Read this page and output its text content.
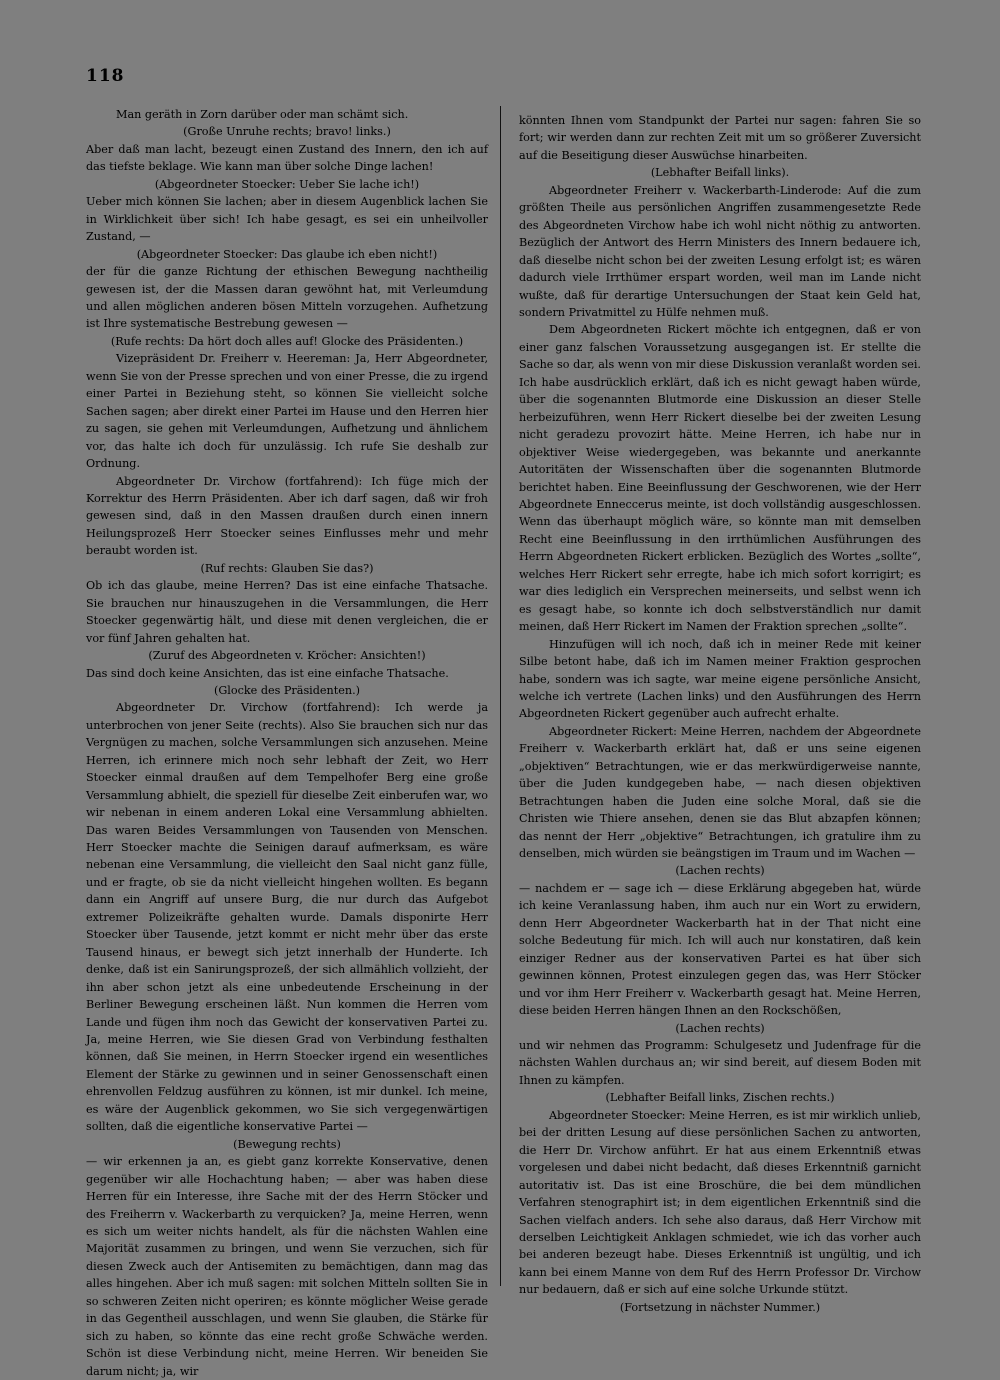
118

Man geräth in Zorn darüber oder man schämt sich.

(Große Unruhe rechts; bravo! links.)

Aber daß man lacht, bezeugt einen Zustand des Innern, den ich auf das tiefste beklage. Wie kann man über solche Dinge lachen!

(Abgeordneter Stoecker: Ueber Sie lache ich!)

Ueber mich können Sie lachen; aber in diesem Augenblick lachen Sie in Wirklichkeit über sich! Ich habe gesagt, es sei ein unheilvoller Zustand, —

(Abgeordneter Stoecker: Das glaube ich eben nicht!)

der für die ganze Richtung der ethischen Bewegung nachtheilig gewesen ist, der die Massen daran gewöhnt hat, mit Verleumdung und allen möglichen anderen bösen Mitteln vorzugehen. Aufhetzung ist Ihre systematische Bestrebung gewesen —

(Rufe rechts: Da hört doch alles auf! Glocke des Präsidenten.)

Vizepräsident Dr. Freiherr v. Heereman: Ja, Herr Abgeordneter, wenn Sie von der Presse sprechen und von einer Presse, die zu irgend einer Partei in Beziehung steht, so können Sie vielleicht solche Sachen sagen; aber direkt einer Partei im Hause und den Herren hier zu sagen, sie gehen mit Verleumdungen, Aufhetzung und ähnlichem vor, das halte ich doch für unzulässig. Ich rufe Sie deshalb zur Ordnung.

Abgeordneter Dr. Virchow (fortfahrend): Ich füge mich der Korrektur des Herrn Präsidenten. Aber ich darf sagen, daß wir froh gewesen sind, daß in den Massen draußen durch einen innern Heilungsprozeß Herr Stoecker seines Einflusses mehr und mehr beraubt worden ist.

(Ruf rechts: Glauben Sie das?)

Ob ich das glaube, meine Herren? Das ist eine einfache Thatsache. Sie brauchen nur hinauszugehen in die Versammlungen, die Herr Stoecker gegenwärtig hält, und diese mit denen vergleichen, die er vor fünf Jahren gehalten hat.

(Zuruf des Abgeordneten v. Kröcher: Ansichten!)

Das sind doch keine Ansichten, das ist eine einfache Thatsache.

(Glocke des Präsidenten.)

Abgeordneter Dr. Virchow (fortfahrend): Ich werde ja unterbrochen von jener Seite (rechts). Also Sie brauchen sich nur das Vergnügen zu machen, solche Versammlungen sich anzusehen. Meine Herren, ich erinnere mich noch sehr lebhaft der Zeit, wo Herr Stoecker einmal draußen auf dem Tempelhofer Berg eine große Versammlung abhielt, die speziell für dieselbe Zeit einberufen war, wo wir nebenan in einem anderen Lokal eine Versammlung abhielten. Das waren Beides Versammlungen von Tausenden von Menschen. Herr Stoecker machte die Seinigen darauf aufmerksam, es wäre nebenan eine Versammlung, die vielleicht den Saal nicht ganz fülle, und er fragte, ob sie da nicht vielleicht hingehen wollten. Es begann dann ein Angriff auf unsere Burg, die nur durch das Aufgebot extremer Polizeikräfte gehalten wurde. Damals disponirte Herr Stoecker über Tausende, jetzt kommt er nicht mehr über das erste Tausend hinaus, er bewegt sich jetzt innerhalb der Hunderte. Ich denke, daß ist ein Sanirungsprozeß, der sich allmählich vollzieht, der ihn aber schon jetzt als eine unbedeutende Erscheinung in der Berliner Bewegung erscheinen läßt. Nun kommen die Herren vom Lande und fügen ihm noch das Gewicht der konservativen Partei zu. Ja, meine Herren, wie Sie diesen Grad von Verbindung festhalten können, daß Sie meinen, in Herrn Stoecker irgend ein wesentliches Element der Stärke zu gewinnen und in seiner Genossenschaft einen ehrenvollen Feldzug ausführen zu können, ist mir dunkel. Ich meine, es wäre der Augenblick gekommen, wo Sie sich vergegenwärtigen sollten, daß die eigentliche konservative Partei —

(Bewegung rechts)

— wir erkennen ja an, es giebt ganz korrekte Konservative, denen gegenüber wir alle Hochachtung haben; — aber was haben diese Herren für ein Interesse, ihre Sache mit der des Herrn Stöcker und des Freiherrn v. Wackerbarth zu verquicken? Ja, meine Herren, wenn es sich um weiter nichts handelt, als für die nächsten Wahlen eine Majorität zusammen zu bringen, und wenn Sie verzuchen, sich für diesen Zweck auch der Antisemiten zu bemächtigen, dann mag das alles hingehen. Aber ich muß sagen: mit solchen Mitteln sollten Sie in so schweren Zeiten nicht operiren; es könnte möglicher Weise gerade in das Gegentheil ausschlagen, und wenn Sie glauben, die Stärke für sich zu haben, so könnte das eine recht große Schwäche werden. Schön ist diese Verbindung nicht, meine Herren. Wir beneiden Sie darum nicht; ja, wir

könnten Ihnen vom Standpunkt der Partei nur sagen: fahren Sie so fort; wir werden dann zur rechten Zeit mit um so größerer Zuversicht auf die Beseitigung dieser Auswüchse hinarbeiten.

(Lebhafter Beifall links).

Abgeordneter Freiherr v. Wackerbarth-Linderode: Auf die zum größten Theile aus persönlichen Angriffen zusammengesetzte Rede des Abgeordneten Virchow habe ich wohl nicht nöthig zu antworten. Bezüglich der Antwort des Herrn Ministers des Innern bedauere ich, daß dieselbe nicht schon bei der zweiten Lesung erfolgt ist; es wären dadurch viele Irrthümer erspart worden, weil man im Lande nicht wußte, daß für derartige Untersuchungen der Staat kein Geld hat, sondern Privatmittel zu Hülfe nehmen muß.

Dem Abgeordneten Rickert möchte ich entgegnen, daß er von einer ganz falschen Voraussetzung ausgegangen ist. Er stellte die Sache so dar, als wenn von mir diese Diskussion veranlaßt worden sei. Ich habe ausdrücklich erklärt, daß ich es nicht gewagt haben würde, über die sogenannten Blutmorde eine Diskussion an dieser Stelle herbeizuführen, wenn Herr Rickert dieselbe bei der zweiten Lesung nicht geradezu provozirt hätte. Meine Herren, ich habe nur in objektiver Weise wiedergegeben, was bekannte und anerkannte Autoritäten der Wissenschaften über die sogenannten Blutmorde berichtet haben. Eine Beeinflussung der Geschworenen, wie der Herr Abgeordnete Enneccerus meinte, ist doch vollständig ausgeschlossen. Wenn das überhaupt möglich wäre, so könnte man mit demselben Recht eine Beeinflussung in den irrthümlichen Ausführungen des Herrn Abgeordneten Rickert erblicken. Bezüglich des Wortes „sollte“, welches Herr Rickert sehr erregte, habe ich mich sofort korrigirt; es war dies lediglich ein Versprechen meinerseits, und selbst wenn ich es gesagt habe, so konnte ich doch selbstverständlich nur damit meinen, daß Herr Rickert im Namen der Fraktion sprechen „sollte“.

Hinzufügen will ich noch, daß ich in meiner Rede mit keiner Silbe betont habe, daß ich im Namen meiner Fraktion gesprochen habe, sondern was ich sagte, war meine eigene persönliche Ansicht, welche ich vertrete (Lachen links) und den Ausführungen des Herrn Abgeordneten Rickert gegenüber auch aufrecht erhalte.

Abgeordneter Rickert: Meine Herren, nachdem der Abgeordnete Freiherr v. Wackerbarth erklärt hat, daß er uns seine eigenen „objektiven“ Betrachtungen, wie er das merkwürdigerweise nannte, über die Juden kundgegeben habe, — nach diesen objektiven Betrachtungen haben die Juden eine solche Moral, daß sie die Christen wie Thiere ansehen, denen sie das Blut abzapfen können; das nennt der Herr „objektive“ Betrachtungen, ich gratulire ihm zu denselben, mich würden sie beängstigen im Traum und im Wachen —

(Lachen rechts)

— nachdem er — sage ich — diese Erklärung abgegeben hat, würde ich keine Veranlassung haben, ihm auch nur ein Wort zu erwidern, denn Herr Abgeordneter Wackerbarth hat in der That nicht eine solche Bedeutung für mich. Ich will auch nur konstatiren, daß kein einziger Redner aus der konservativen Partei es hat über sich gewinnen können, Protest einzulegen gegen das, was Herr Stöcker und vor ihm Herr Freiherr v. Wackerbarth gesagt hat. Meine Herren, diese beiden Herren hängen Ihnen an den Rockschößen,

(Lachen rechts)

und wir nehmen das Programm: Schulgesetz und Judenfrage für die nächsten Wahlen durchaus an; wir sind bereit, auf diesem Boden mit Ihnen zu kämpfen.

(Lebhafter Beifall links, Zischen rechts.)

Abgeordneter Stoecker: Meine Herren, es ist mir wirklich unlieb, bei der dritten Lesung auf diese persönlichen Sachen zu antworten, die Herr Dr. Virchow anführt. Er hat aus einem Erkenntniß etwas vorgelesen und dabei nicht bedacht, daß dieses Erkenntniß garnicht autoritativ ist. Das ist eine Broschüre, die bei dem mündlichen Verfahren stenographirt ist; in dem eigentlichen Erkenntniß sind die Sachen vielfach anders. Ich sehe also daraus, daß Herr Virchow mit derselben Leichtigkeit Anklagen schmiedet, wie ich das vorher auch bei anderen bezeugt habe. Dieses Erkenntniß ist ungültig, und ich kann bei einem Manne von dem Ruf des Herrn Professor Dr. Virchow nur bedauern, daß er sich auf eine solche Urkunde stützt.

(Fortsetzung in nächster Nummer.)
